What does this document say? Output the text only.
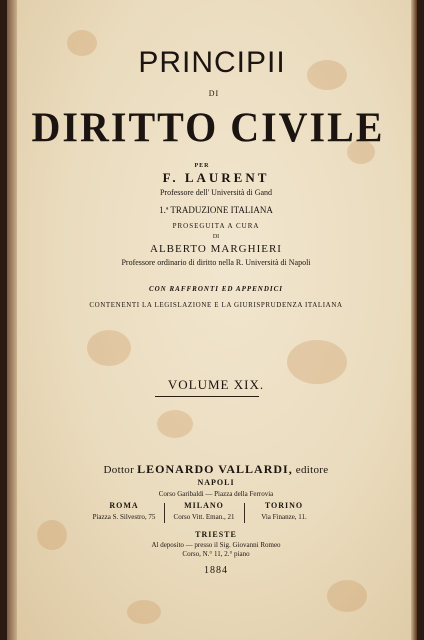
PRINCIPII
DI
DIRITTO CIVILE
PER
F. LAURENT
Professore dell' Università di Gand
1.ª TRADUZIONE ITALIANA
PROSEGUITA A CURA
DI
ALBERTO MARGHIERI
Professore ordinario di diritto nella R. Università di Napoli
CON RAFFRONTI ED APPENDICI
CONTENENTI LA LEGISLAZIONE E LA GIURISPRUDENZA ITALIANA
VOLUME XIX.
Dottor LEONARDO VALLARDI, editore
NAPOLI
Corso Garibaldi — Piazza della Ferrovia
ROMA
Piazza S. Silvestro, 75
MILANO
Corso Vitt. Eman., 21
TORINO
Via Finanze, 11.
TRIESTE
Al deposito — presso il Sig. Giovanni Romeo
Corso, N.° 11, 2.° piano
1884
